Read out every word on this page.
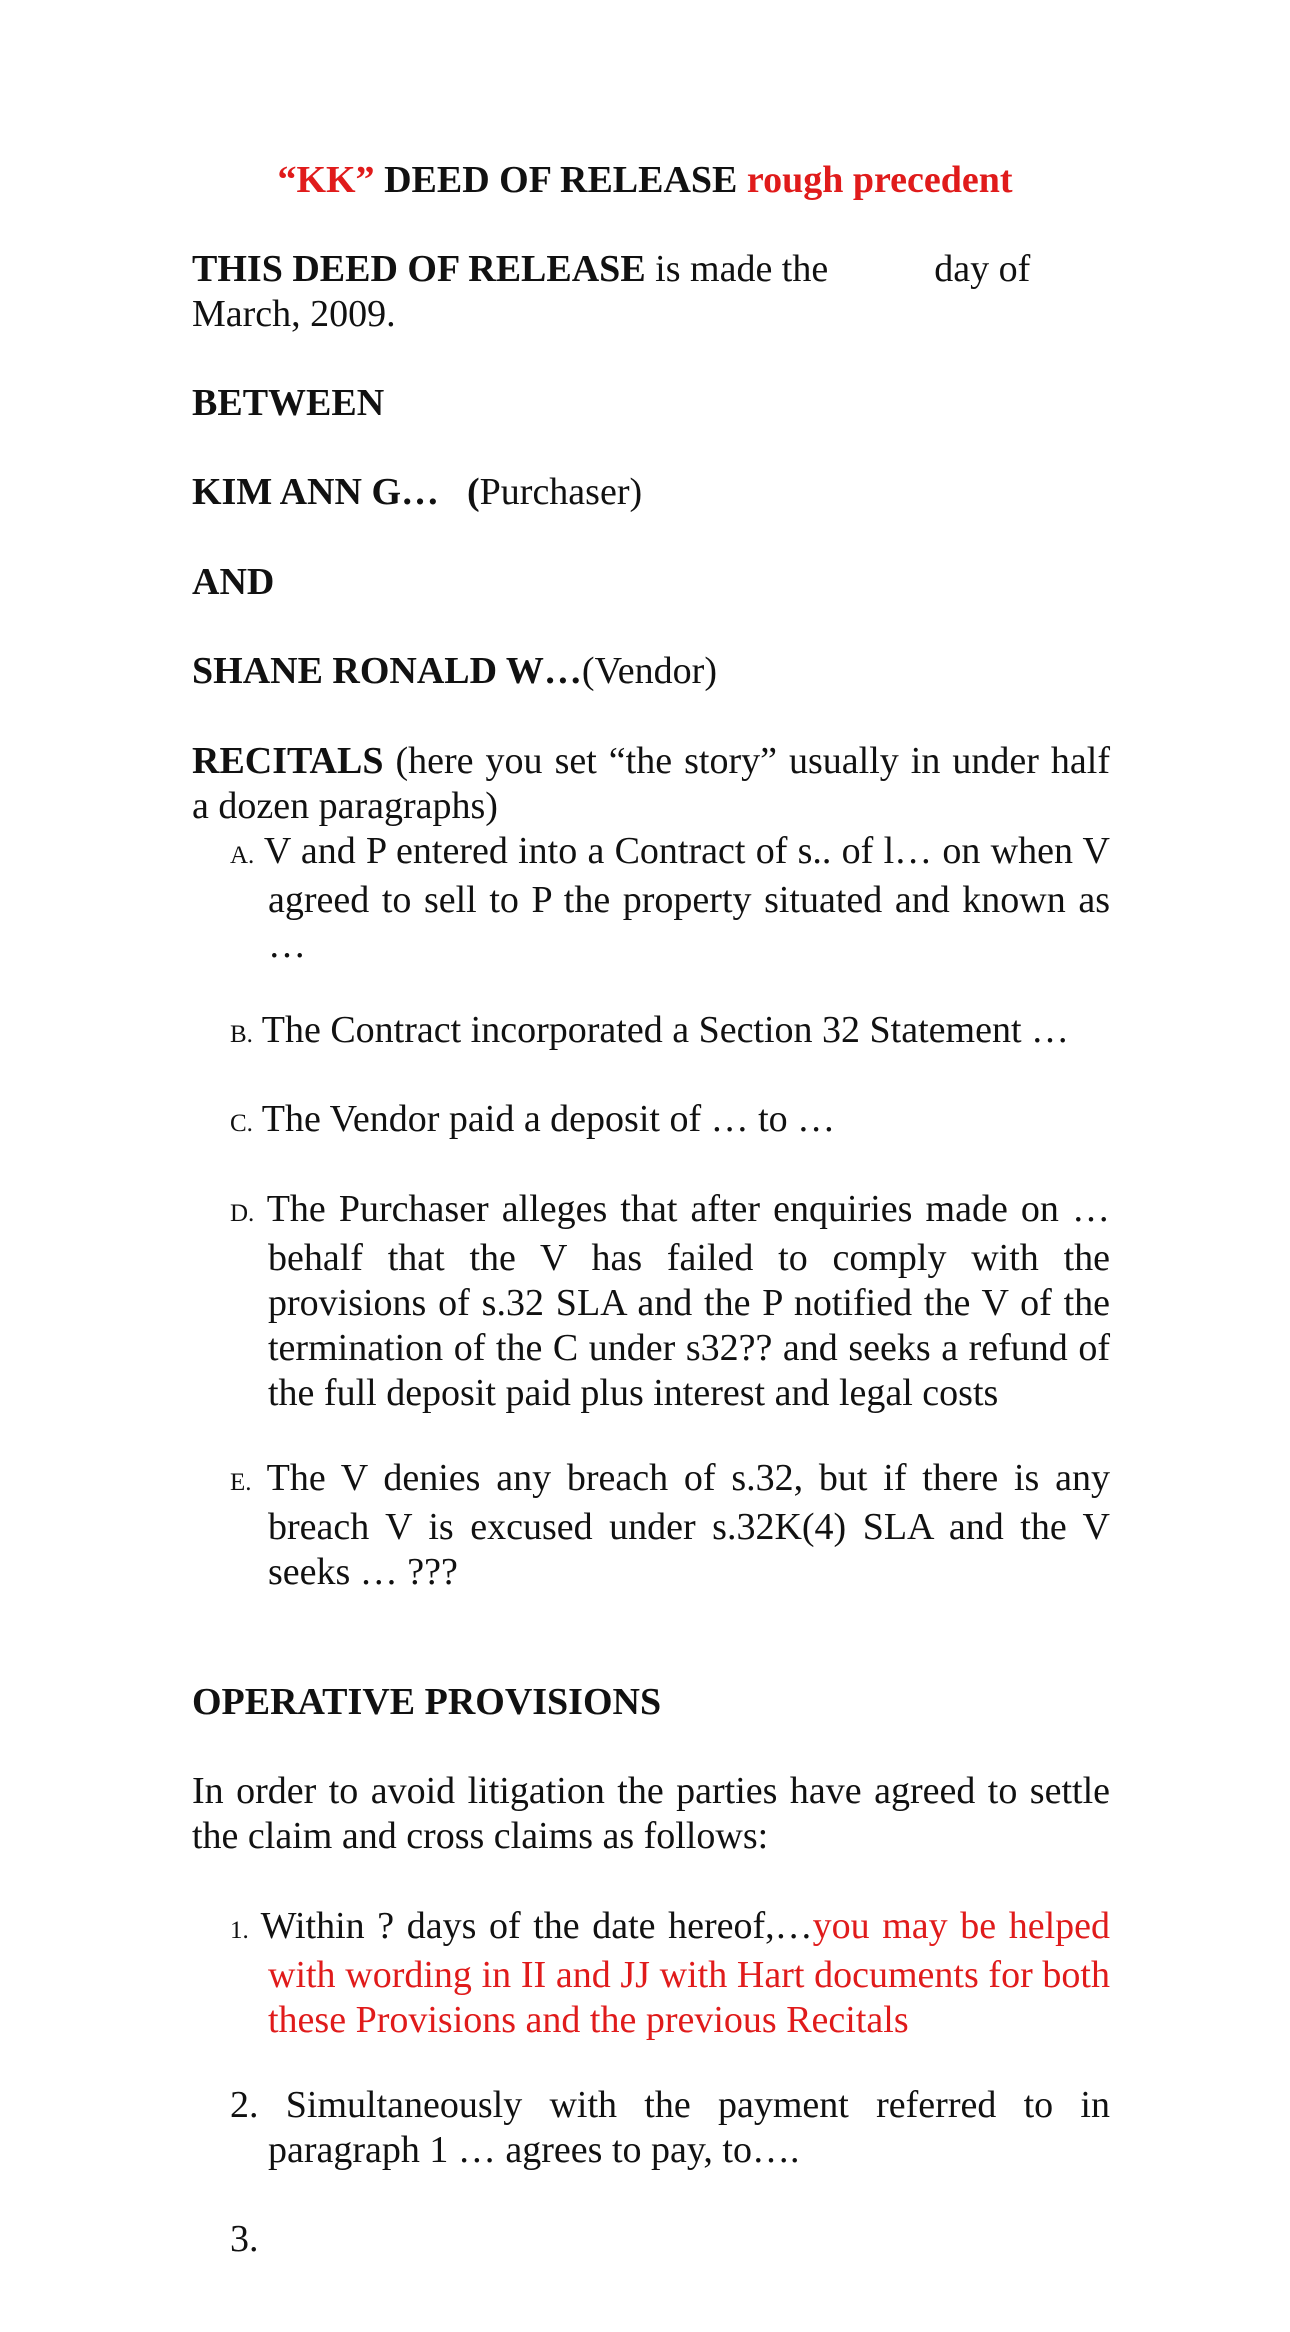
“KK” DEED OF RELEASE rough precedent
THIS DEED OF RELEASE is made the	day of
March, 2009.
BETWEEN
KIM ANN G… (Purchaser)
AND
SHANE RONALD W…(Vendor)
RECITALS (here you set “the story” usually in under half a dozen paragraphs)
A. V and P entered into a Contract of s.. of l… on when V agreed to sell to P the property situated and known as …
B. The Contract incorporated a Section 32 Statement …
C. The Vendor paid a deposit of … to …
D. The Purchaser alleges that after enquiries made on … behalf that the V has failed to comply with the provisions of s.32 SLA and the P notified the V of the termination of the C under s32?? and seeks a refund of the full deposit paid plus interest and legal costs
E. The V denies any breach of s.32, but if there is any breach V is excused under s.32K(4) SLA and the V seeks … ???
OPERATIVE PROVISIONS
In order to avoid litigation the parties have agreed to settle the claim and cross claims as follows:
1. Within ? days of the date hereof,…you may be helped with wording in II and JJ with Hart documents for both these Provisions and the previous Recitals
2. Simultaneously with the payment referred to in paragraph 1 … agrees to pay, to….
3.
